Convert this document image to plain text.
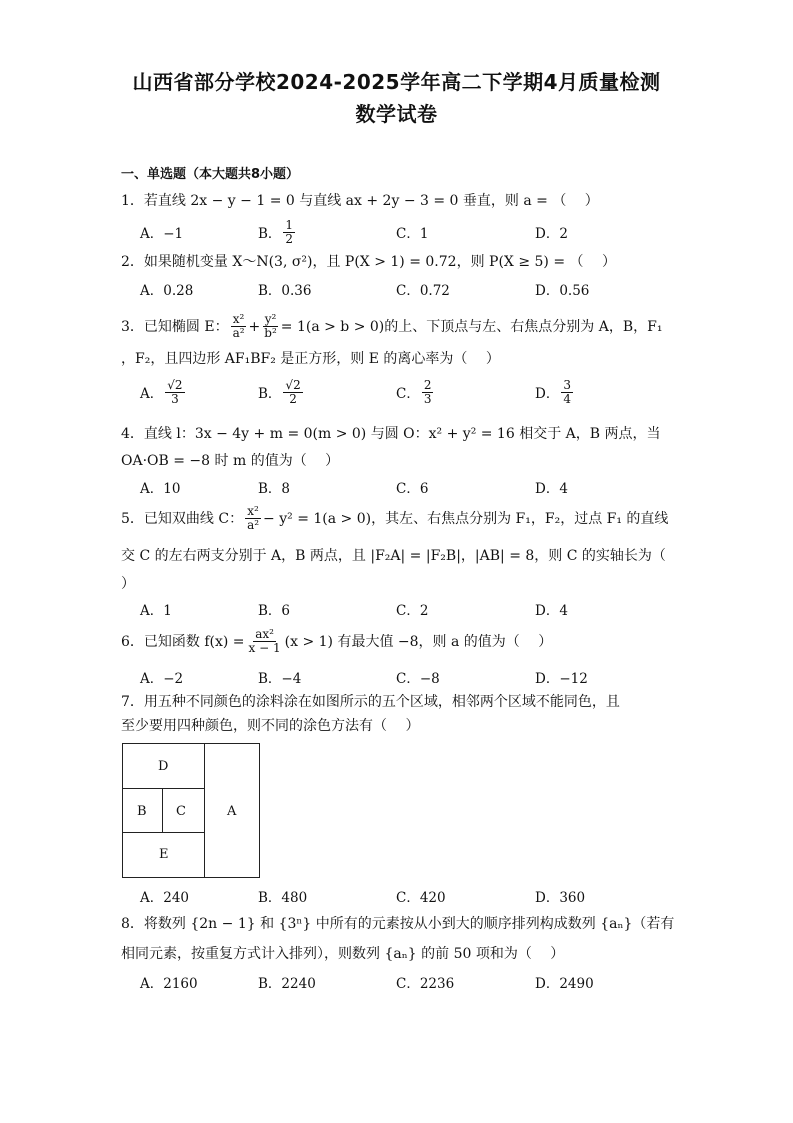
山西省部分学校2024-2025学年高二下学期4月质量检测
数学试卷
一、单选题（本大题共8小题）
1．若直线 2x − y − 1 = 0 与直线 ax + 2y − 3 = 0 垂直，则 a = （　 ）
A．−1	B． $\frac{1}{2}$	C．1	D．2
2．如果随机变量 X～N(3, σ²)，且 P(X > 1) = 0.72，则 P(X ≥ 5) = （　 ）
A．0.28	B．0.36	C．0.72	D．0.56
3．已知椭圆 E： $\frac{\text{x²}}{\text{a²}} + \frac{\text{y²}}{\text{b²}} = 1(a > b > 0)$ 的上、下顶点与左、右焦点分别为 A，B，F₁
，F₂，且四边形 AF₁BF₂ 是正方形，则 E 的离心率为（　 ）
A． $\frac{√2}{3}$	B． $\frac{√2}{2}$	C． $\frac{2}{3}$	D． $\frac{3}{4}$
4．直线 l：3x − 4y + m = 0(m > 0) 与圆 O：x² + y² = 16 相交于 A，B 两点，当
OA·OB = −8 时 m 的值为（　 ）
A．10	B．8	C．6	D．4
5．已知双曲线 C： $\frac{\text{x²}}{\text{a²}} - y^2 = 1(a > 0)$，其左、右焦点分别为 F₁，F₂，过点 F₁ 的直线
交 C 的左右两支分别于 A，B 两点，且 |F₂A| = |F₂B|，|AB| = 8，则 C 的实轴长为（
）
A．1	B．6	C．2	D．4
6．已知函数 $f(x) = \frac{\text{ax²}}{x - 1} (x > 1)$ 有最大值 −8，则 a 的值为（　 ）
A．−2	B．−4	C．−8	D．−12
7．用五种不同颜色的涂料涂在如图所示的五个区域，相邻两个区域不能同色，且
至少要用四种颜色，则不同的涂色方法有（　 ）
D
B C	A
E
A．240	B．480	C．420	D．360
8．将数列 {2n − 1} 和 {3ⁿ} 中所有的元素按从小到大的顺序排列构成数列 {aₙ}（若有
相同元素，按重复方式计入排列），则数列 {aₙ} 的前 50 项和为（　 ）
A．2160	B．2240	C．2236	D．2490
